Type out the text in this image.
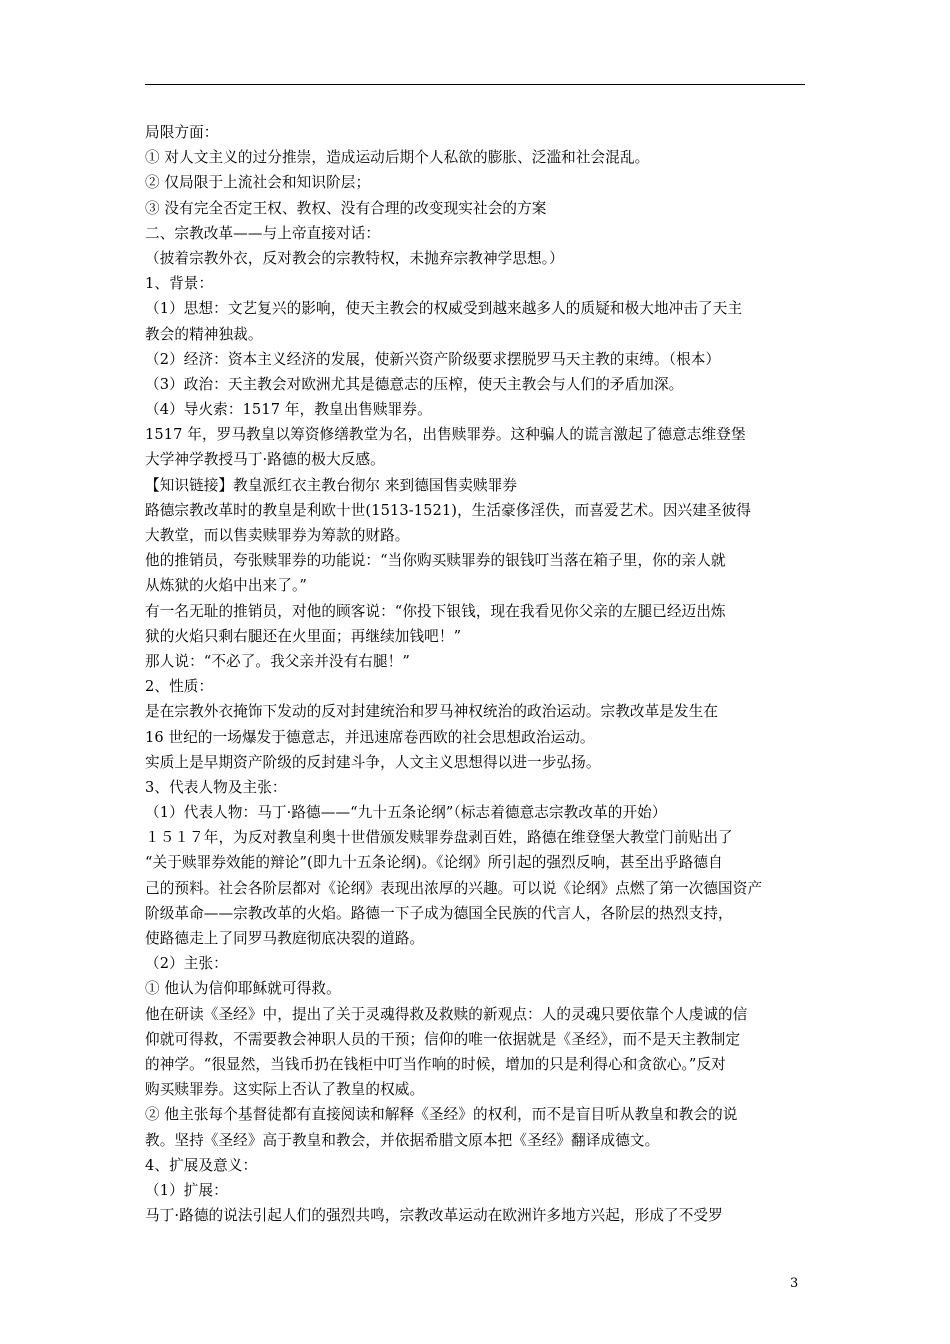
局限方面：
① 对人文主义的过分推崇，造成运动后期个人私欲的膨胀、泛滥和社会混乱。
② 仅局限于上流社会和知识阶层；
③ 没有完全否定王权、教权、没有合理的改变现实社会的方案
二、宗教改革——与上帝直接对话：
（披着宗教外衣，反对教会的宗教特权，未抛弃宗教神学思想。）
1、背景：
（1）思想：文艺复兴的影响，使天主教会的权威受到越来越多人的质疑和极大地冲击了天主
教会的精神独裁。
（2）经济：资本主义经济的发展，使新兴资产阶级要求摆脱罗马天主教的束缚。（根本）
（3）政治：天主教会对欧洲尤其是德意志的压榨，使天主教会与人们的矛盾加深。
（4）导火索：1517 年，教皇出售赎罪券。
1517 年，罗马教皇以筹资修缮教堂为名，出售赎罪券。这种骗人的谎言激起了德意志维登堡
大学神学教授马丁·路德的极大反感。
【知识链接】教皇派红衣主教台彻尔 来到德国售卖赎罪券
路德宗教改革时的教皇是利欧十世(1513-1521)，生活豪侈淫佚，而喜爱艺术。因兴建圣彼得
大教堂，而以售卖赎罪券为筹款的财路。
他的推销员，夸张赎罪券的功能说：“当你购买赎罪券的银钱叮当落在箱子里，你的亲人就
从炼狱的火焰中出来了。”
有一名无耻的推销员，对他的顾客说：“你投下银钱，现在我看见你父亲的左腿已经迈出炼
狱的火焰只剩右腿还在火里面；再继续加钱吧！”
那人说：“不必了。我父亲并没有右腿！”
2、性质：
是在宗教外衣掩饰下发动的反对封建统治和罗马神权统治的政治运动。宗教改革是发生在
16 世纪的一场爆发于德意志，并迅速席卷西欧的社会思想政治运动。
实质上是早期资产阶级的反封建斗争，人文主义思想得以进一步弘扬。
3、代表人物及主张：
（1）代表人物：马丁·路德——“九十五条论纲”（标志着德意志宗教改革的开始）
１５１７年，为反对教皇利奥十世借颁发赎罪券盘剥百姓，路德在维登堡大教堂门前贴出了
“关于赎罪券效能的辩论”(即九十五条论纲)。《论纲》所引起的强烈反响，甚至出乎路德自
己的预料。社会各阶层都对《论纲》表现出浓厚的兴趣。可以说《论纲》点燃了第一次德国资产
阶级革命——宗教改革的火焰。路德一下子成为德国全民族的代言人，各阶层的热烈支持，
使路德走上了同罗马教庭彻底决裂的道路。
（2）主张：
① 他认为信仰耶稣就可得救。
他在研读《圣经》中，提出了关于灵魂得救及救赎的新观点：人的灵魂只要依靠个人虔诚的信
仰就可得救，不需要教会神职人员的干预；信仰的唯一依据就是《圣经》，而不是天主教制定
的神学。“很显然，当钱币扔在钱柜中叮当作响的时候，增加的只是利得心和贪欲心。”反对
购买赎罪券。这实际上否认了教皇的权威。
② 他主张每个基督徒都有直接阅读和解释《圣经》的权利，而不是盲目听从教皇和教会的说
教。坚持《圣经》高于教皇和教会，并依据希腊文原本把《圣经》翻译成德文。
4、扩展及意义：
（1）扩展：
马丁·路德的说法引起人们的强烈共鸣，宗教改革运动在欧洲许多地方兴起，形成了不受罗
3
